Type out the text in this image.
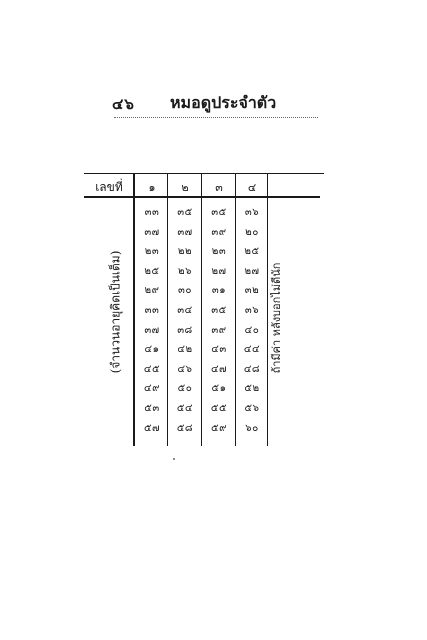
๔๖ หมอดูประจำตัว
เลขที่	๑	๒	๓	๔
๓๓	๓๕	๓๕	๓๖
๓๗	๓๗	๓๙	๒๐
๒๓	๒๒	๒๓	๒๕
๒๕	๒๖	๒๗	๒๗
๒๙	๓๐	๓๑	๓๒
๓๓	๓๔	๓๕	๓๖
๓๗	๓๘	๓๙	๔๐
๔๑	๔๒	๔๓	๔๔
๔๕	๔๖	๔๗	๔๘
๔๙	๕๐	๕๑	๕๒
๕๓	๕๔	๕๕	๕๖
๕๗	๕๘	๕๙	๖๐
(จำนวนอายุคิดเป็นเต็ม)	ถ้ามีค่า หลังบอกไม่ดีนัก
